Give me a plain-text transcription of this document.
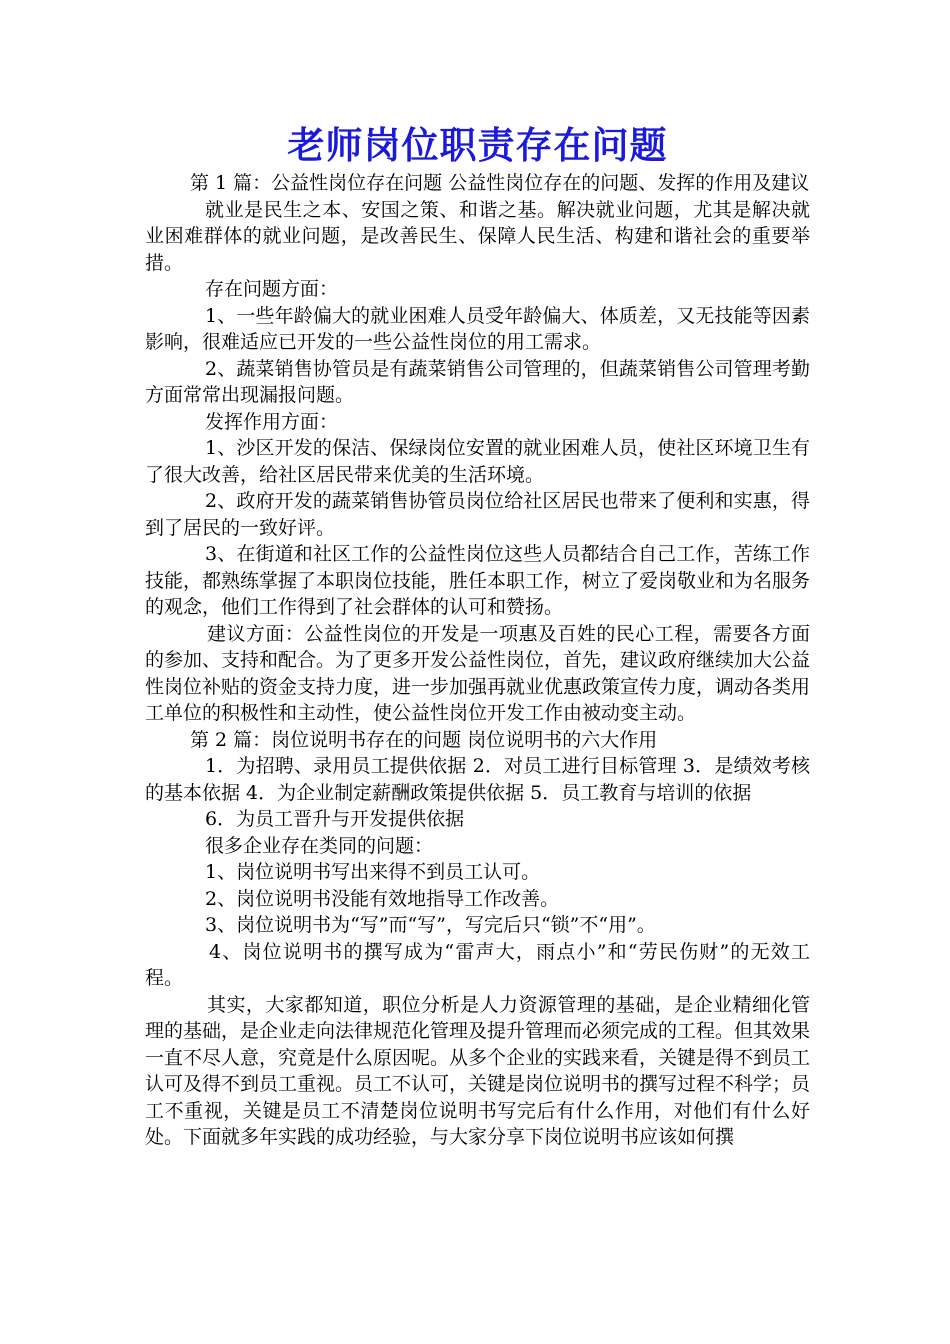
老师岗位职责存在问题

第 1 篇：公益性岗位存在问题 公益性岗位存在的问题、发挥的作用及建议

就业是民生之本、安国之策、和谐之基。解决就业问题，尤其是解决就业困难群体的就业问题，是改善民生、保障人民生活、构建和谐社会的重要举措。

存在问题方面：

1、一些年龄偏大的就业困难人员受年龄偏大、体质差，又无技能等因素影响，很难适应已开发的一些公益性岗位的用工需求。

2、蔬菜销售协管员是有蔬菜销售公司管理的，但蔬菜销售公司管理考勤方面常常出现漏报问题。

发挥作用方面：

1、沙区开发的保洁、保绿岗位安置的就业困难人员，使社区环境卫生有了很大改善，给社区居民带来优美的生活环境。

2、政府开发的蔬菜销售协管员岗位给社区居民也带来了便利和实惠，得到了居民的一致好评。

3、在街道和社区工作的公益性岗位这些人员都结合自己工作，苦练工作技能，都熟练掌握了本职岗位技能，胜任本职工作，树立了爱岗敬业和为名服务的观念，他们工作得到了社会群体的认可和赞扬。

建议方面：公益性岗位的开发是一项惠及百姓的民心工程，需要各方面的参加、支持和配合。为了更多开发公益性岗位，首先，建议政府继续加大公益性岗位补贴的资金支持力度，进一步加强再就业优惠政策宣传力度，调动各类用工单位的积极性和主动性，使公益性岗位开发工作由被动变主动。

第 2 篇：岗位说明书存在的问题 岗位说明书的六大作用

1．为招聘、录用员工提供依据 2．对员工进行目标管理 3．是绩效考核的基本依据 4．为企业制定薪酬政策提供依据 5．员工教育与培训的依据

6．为员工晋升与开发提供依据

很多企业存在类同的问题：

1、岗位说明书写出来得不到员工认可。

2、岗位说明书没能有效地指导工作改善。

3、岗位说明书为“写”而“写”，写完后只“锁”不“用”。

4、岗位说明书的撰写成为“雷声大，雨点小”和“劳民伤财”的无效工程。

其实，大家都知道，职位分析是人力资源管理的基础，是企业精细化管理的基础，是企业走向法律规范化管理及提升管理而必须完成的工程。但其效果一直不尽人意，究竟是什么原因呢。从多个企业的实践来看，关键是得不到员工认可及得不到员工重视。员工不认可，关键是岗位说明书的撰写过程不科学；员工不重视，关键是员工不清楚岗位说明书写完后有什么作用，对他们有什么好处。下面就多年实践的成功经验，与大家分享下岗位说明书应该如何撰
